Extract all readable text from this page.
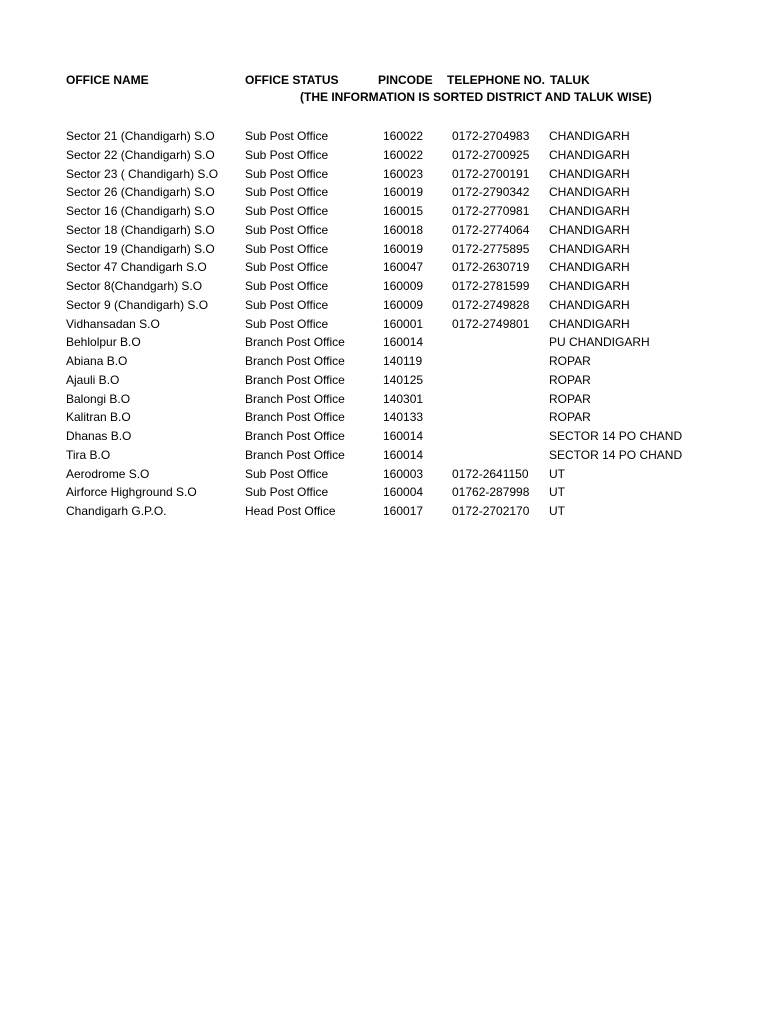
OFFICE NAME	OFFICE STATUS	PINCODE TELEPHONE NO. TALUK
(THE INFORMATION IS SORTED DISTRICT AND TALUK WISE)
Sector 21 (Chandigarh) S.O	Sub Post Office	160022 0172-2704983 CHANDIGARH
Sector 22 (Chandigarh) S.O	Sub Post Office	160022 0172-2700925 CHANDIGARH
Sector 23 ( Chandigarh) S.O Sub Post Office	160023 0172-2700191 CHANDIGARH
Sector 26 (Chandigarh) S.O	Sub Post Office	160019 0172-2790342 CHANDIGARH
Sector 16 (Chandigarh) S.O	Sub Post Office	160015 0172-2770981 CHANDIGARH
Sector 18 (Chandigarh) S.O	Sub Post Office	160018 0172-2774064 CHANDIGARH
Sector 19 (Chandigarh) S.O	Sub Post Office	160019 0172-2775895 CHANDIGARH
Sector 47 Chandigarh S.O	Sub Post Office	160047 0172-2630719 CHANDIGARH
Sector 8(Chandgarh) S.O	Sub Post Office	160009 0172-2781599 CHANDIGARH
Sector 9 (Chandigarh) S.O	Sub Post Office	160009 0172-2749828 CHANDIGARH
Vidhansadan S.O	Sub Post Office	160001 0172-2749801 CHANDIGARH
Behlolpur B.O	Branch Post Office	160014	PU CHANDIGARH
Abiana B.O	Branch Post Office	140119	ROPAR
Ajauli B.O	Branch Post Office	140125	ROPAR
Balongi B.O	Branch Post Office	140301	ROPAR
Kalitran B.O	Branch Post Office	140133	ROPAR
Dhanas B.O	Branch Post Office	160014	SECTOR 14 PO CHAND
Tira B.O	Branch Post Office	160014	SECTOR 14 PO CHAND
Aerodrome S.O	Sub Post Office	160003 0172-2641150 UT
Airforce Highground S.O	Sub Post Office	160004 01762-287998 UT
Chandigarh G.P.O.	Head Post Office	160017 0172-2702170 UT
